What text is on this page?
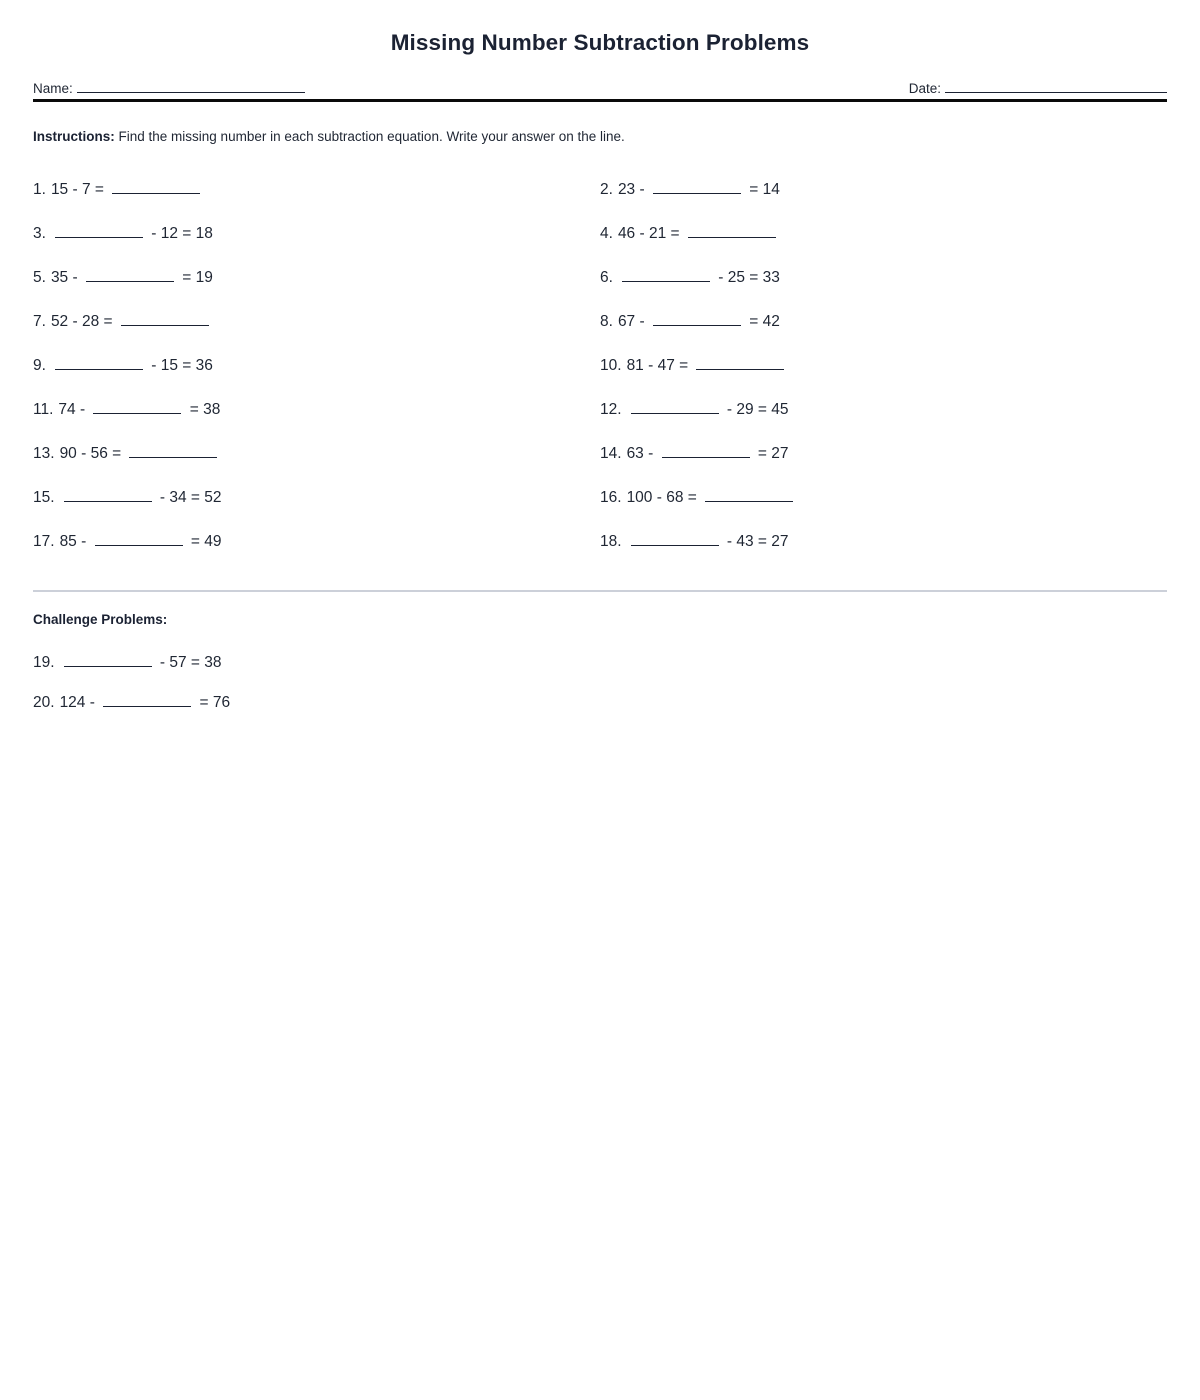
Missing Number Subtraction Problems
Name:	Date:

Instructions: Find the missing number in each subtraction equation. Write your answer on the line.

1. 15 - 7 =	2. 23 -	= 14
3.	- 12 = 18	4. 46 - 21 =
5. 35 -	= 19	6.	- 25 = 33
7. 52 - 28 =	8. 67 -	= 42
9.	- 15 = 36	10. 81 - 47 =
11. 74 -	= 38	12.	- 29 = 45
13. 90 - 56 =	14. 63 -	= 27
15.	- 34 = 52	16. 100 - 68 =
17. 85 -	= 49	18.	- 43 = 27
Challenge Problems:
19.	- 57 = 38
20. 124 -	= 76
